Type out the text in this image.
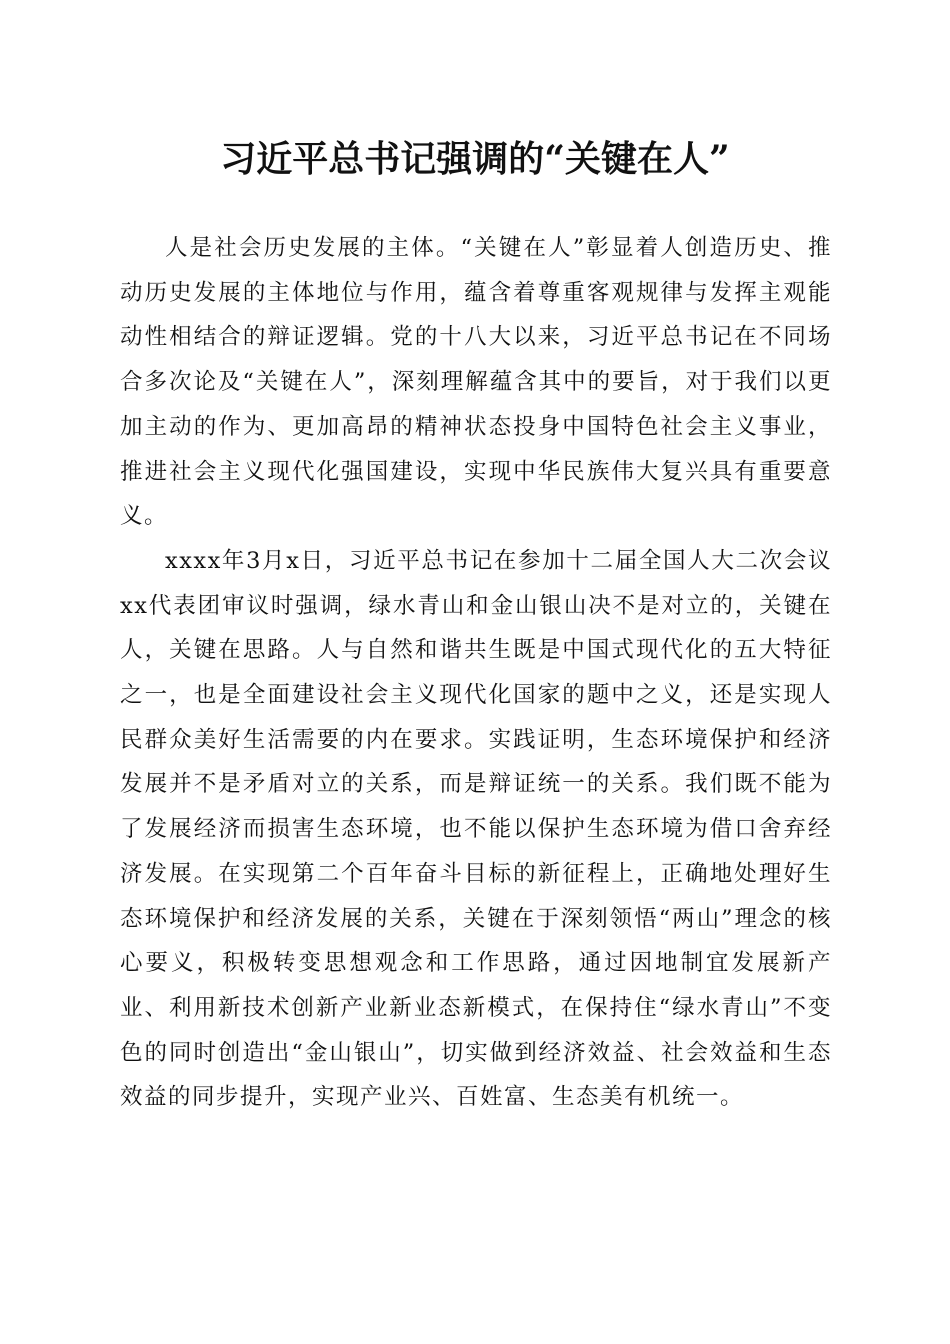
习近平总书记强调的“关键在人”

人是社会历史发展的主体。“关键在人”彰显着人创造历史、推动历史发展的主体地位与作用，蕴含着尊重客观规律与发挥主观能动性相结合的辩证逻辑。党的十八大以来，习近平总书记在不同场合多次论及“关键在人”，深刻理解蕴含其中的要旨，对于我们以更加主动的作为、更加高昂的精神状态投身中国特色社会主义事业，推进社会主义现代化强国建设，实现中华民族伟大复兴具有重要意义。

xxxx年3月x日，习近平总书记在参加十二届全国人大二次会议xx代表团审议时强调，绿水青山和金山银山决不是对立的，关键在人，关键在思路。人与自然和谐共生既是中国式现代化的五大特征之一，也是全面建设社会主义现代化国家的题中之义，还是实现人民群众美好生活需要的内在要求。实践证明，生态环境保护和经济发展并不是矛盾对立的关系，而是辩证统一的关系。我们既不能为了发展经济而损害生态环境，也不能以保护生态环境为借口舍弃经济发展。在实现第二个百年奋斗目标的新征程上，正确地处理好生态环境保护和经济发展的关系，关键在于深刻领悟“两山”理念的核心要义，积极转变思想观念和工作思路，通过因地制宜发展新产业、利用新技术创新产业新业态新模式，在保持住“绿水青山”不变色的同时创造出“金山银山”，切实做到经济效益、社会效益和生态效益的同步提升，实现产业兴、百姓富、生态美有机统一。
